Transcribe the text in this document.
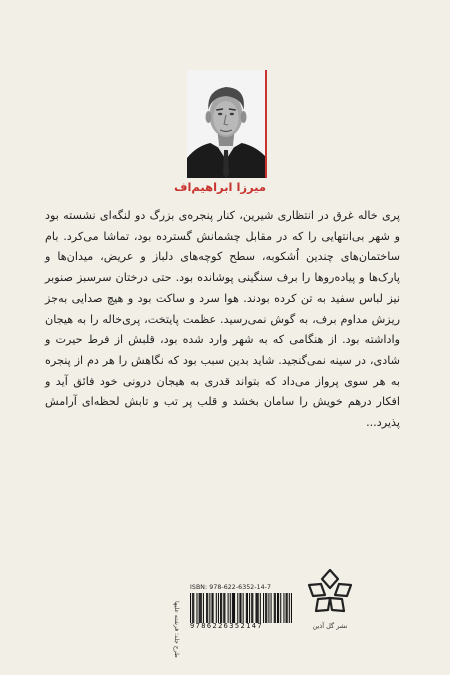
میرزا ابراهیم‌اف

پری خاله غرق در انتظاری شیرین، کنار پنجره‌ی بزرگ دو لنگه‌ای نشسته بود و شهر بی‌انتهایی را که در مقابل چشمانش گسترده بود، تماشا می‌کرد. بام ساختمان‌های چندین اُشکوبه، سطح کوچه‌های دلباز و عریض، میدان‌ها و پارک‌ها و پیاده‌روها را برف سنگینی پوشانده بود. حتی درختان سرسبز صنوبر نیز لباس سفید به تن کرده بودند. هوا سرد و ساکت بود و هیچ صدایی به‌جز ریزش مداوم برف، به گوش نمی‌رسید. عظمت پایتخت، پری‌خاله را به هیجان واداشته بود. از هنگامی که به شهر وارد شده بود، قلبش از فرط حیرت و شادی، در سینه نمی‌گنجید. شاید بدین سبب بود که نگاهش را هر دم از پنجره به هر سوی پرواز می‌داد که بتواند قدری به هیجان درونی خود فائق آید و افکار درهم خویش را سامان بخشد و قلب پر تب و تابش لحظه‌ای آرامش پذیرد...

طرح جلد: فرشته علیها
ISBN: 978-622-6352-14-7
9786226352147	نشر گل آذین
